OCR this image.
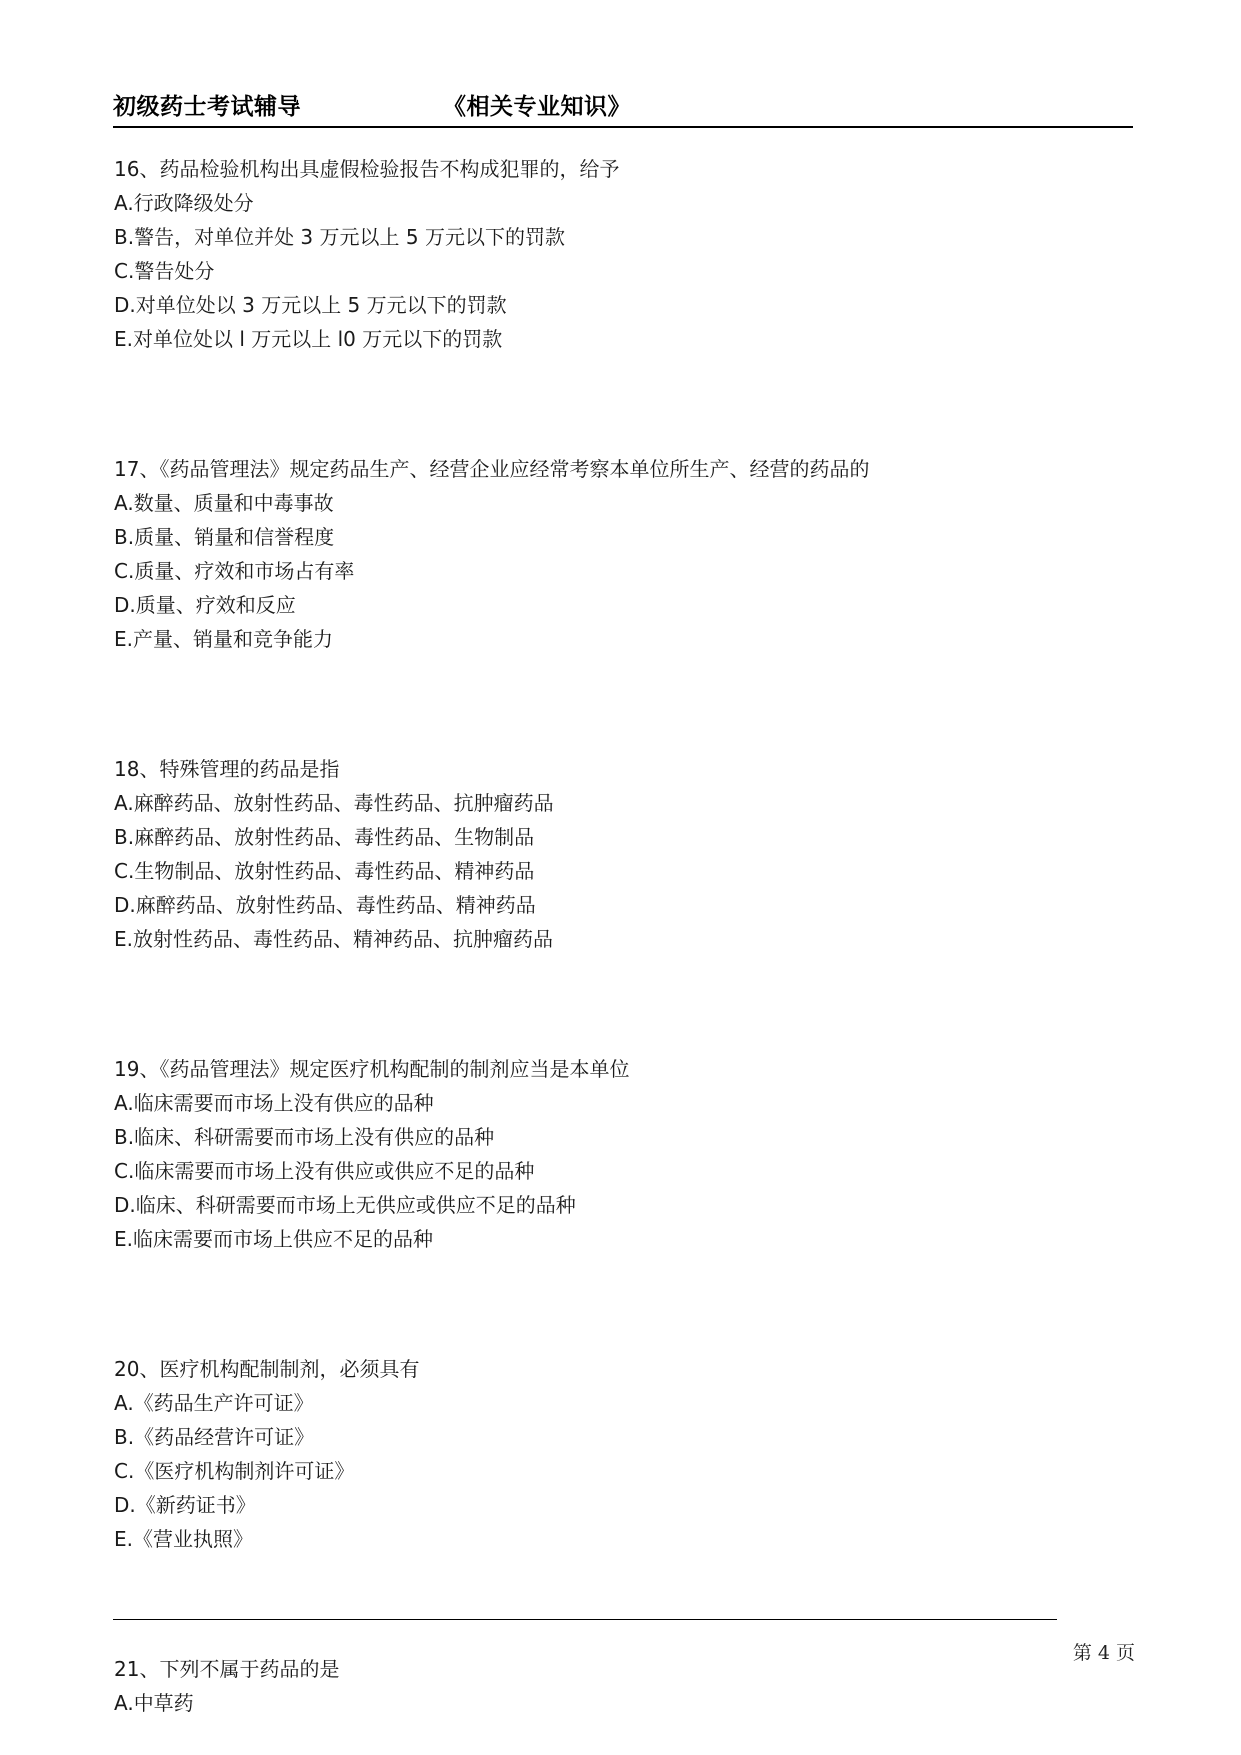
初级药士考试辅导	《相关专业知识》
16、药品检验机构出具虚假检验报告不构成犯罪的，给予
A.行政降级处分
B.警告，对单位并处 3 万元以上 5 万元以下的罚款
C.警告处分
D.对单位处以 3 万元以上 5 万元以下的罚款
E.对单位处以 l 万元以上 l0 万元以下的罚款
17、《药品管理法》规定药品生产、经营企业应经常考察本单位所生产、经营的药品的
A.数量、质量和中毒事故
B.质量、销量和信誉程度
C.质量、疗效和市场占有率
D.质量、疗效和反应
E.产量、销量和竞争能力
18、特殊管理的药品是指
A.麻醉药品、放射性药品、毒性药品、抗肿瘤药品
B.麻醉药品、放射性药品、毒性药品、生物制品
C.生物制品、放射性药品、毒性药品、精神药品
D.麻醉药品、放射性药品、毒性药品、精神药品
E.放射性药品、毒性药品、精神药品、抗肿瘤药品
19、《药品管理法》规定医疗机构配制的制剂应当是本单位
A.临床需要而市场上没有供应的品种
B.临床、科研需要而市场上没有供应的品种
C.临床需要而市场上没有供应或供应不足的品种
D.临床、科研需要而市场上无供应或供应不足的品种
E.临床需要而市场上供应不足的品种
20、医疗机构配制制剂，必须具有
A.《药品生产许可证》
B.《药品经营许可证》
C.《医疗机构制剂许可证》
D.《新药证书》
E.《营业执照》
21、下列不属于药品的是
A.中草药
第 4 页
